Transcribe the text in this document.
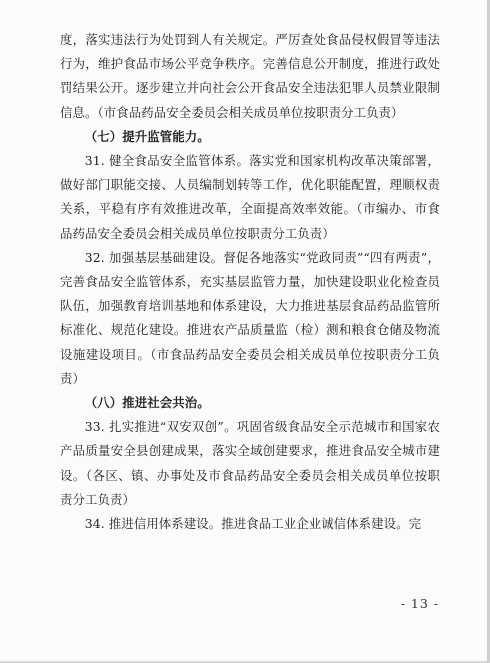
度，落实违法行为处罚到人有关规定。严厉查处食品侵权假冒等违法行为，维护食品市场公平竞争秩序。完善信息公开制度，推进行政处罚结果公开。逐步建立并向社会公开食品安全违法犯罪人员禁业限制信息。（市食品药品安全委员会相关成员单位按职责分工负责）

（七）提升监管能力。

31. 健全食品安全监管体系。落实党和国家机构改革决策部署，做好部门职能交接、人员编制划转等工作，优化职能配置，理顺权责关系，平稳有序有效推进改革，全面提高效率效能。（市编办、市食品药品安全委员会相关成员单位按职责分工负责）

32. 加强基层基础建设。督促各地落实“党政同责”“四有两责”，完善食品安全监管体系，充实基层监管力量，加快建设职业化检查员队伍，加强教育培训基地和体系建设，大力推进基层食品药品监管所标准化、规范化建设。推进农产品质量监（检）测和粮食仓储及物流设施建设项目。（市食品药品安全委员会相关成员单位按职责分工负责）

（八）推进社会共治。

33. 扎实推进“双安双创”。巩固省级食品安全示范城市和国家农产品质量安全县创建成果，落实全域创建要求，推进食品安全城市建设。（各区、镇、办事处及市食品药品安全委员会相关成员单位按职责分工负责）

34. 推进信用体系建设。推进食品工业企业诚信体系建设。完

- 13 -
